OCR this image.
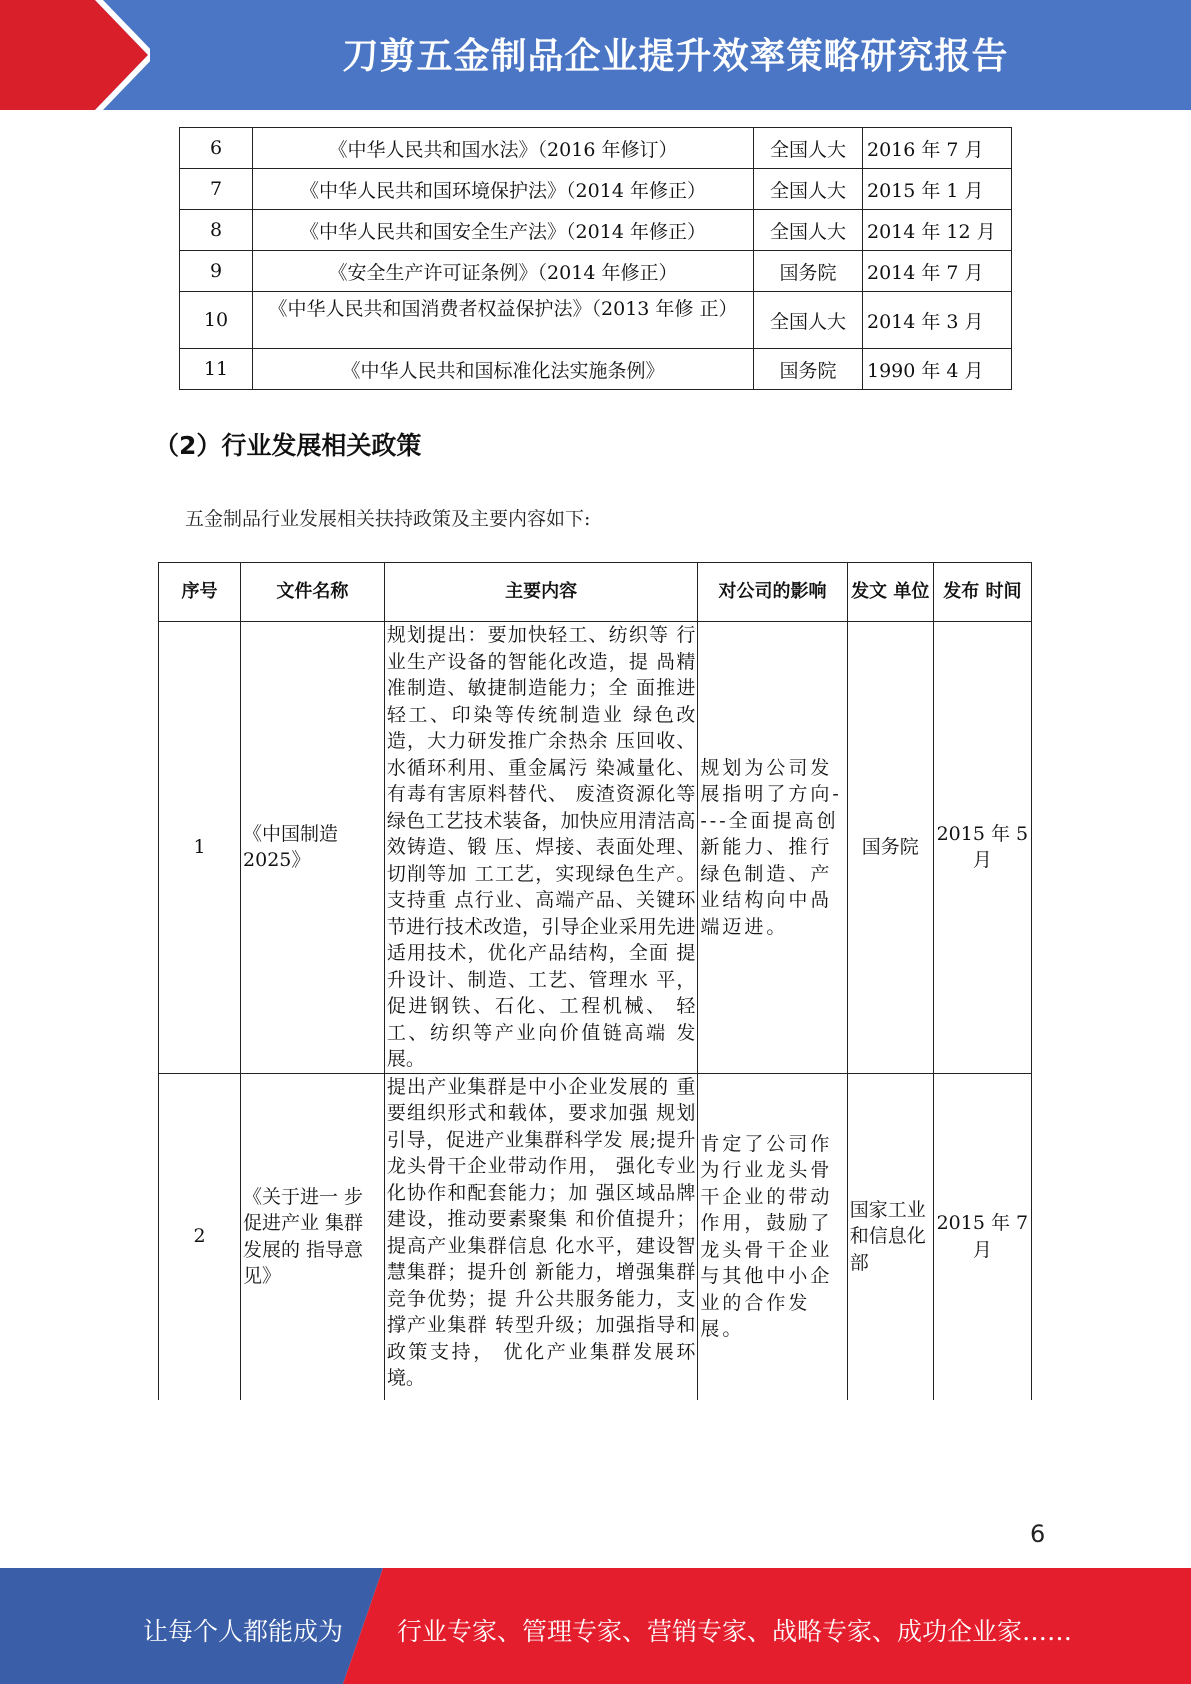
刀剪五金制品企业提升效率策略研究报告
6	《中华人民共和国水法》（2016 年修订）	全国人大	2016 年 7 月
7	《中华人民共和国环境保护法》（2014 年修正）	全国人大	2015 年 1 月
8	《中华人民共和国安全生产法》（2014 年修正）	全国人大	2014 年 12 月
9	《安全生产许可证条例》（2014 年修正）	国务院	2014 年 7 月
10	《中华人民共和国消费者权益保护法》（2013 年修 正）	全国人大	2014 年 3 月
11	《中华人民共和国标准化法实施条例》	国务院	1990 年 4 月
（2）行业发展相关政策
五金制品行业发展相关扶持政策及主要内容如下:
序号	文件名称	主要内容	对公司的影响	发文 单位	发布 时间
1	《中国制造2025》	规划提出：要加快轻工、纺织等 行业生产设备的智能化改造，提 咼精准制造、敏捷制造能力；全 面推进轻工、印染等传统制造业 绿色改造，大力研发推广余热余 压回收、水循环利用、重金属污 染减量化、有毒有害原料替代、 废渣资源化等绿色工艺技术装备，加快应用清洁高效铸造、锻 压、焊接、表面处理、切削等加 工工艺，实现绿色生产。支持重 点行业、高端产品、关键环节进行技术改造，引导企业采用先进 适用技术，优化产品结构，全面 提升设计、制造、工艺、管理水 平，促进钢铁、石化、工程机械、 轻工、纺织等产业向价值链高端 发展。	规划为公司发展指明了方向----全面提高创新能力、推行绿色制造、产业结构向中咼端迈进。	国务院	2015 年 5月
2	《关于进一 步促进产业 集群发展的 指导意见》	提出产业集群是中小企业发展的 重要组织形式和载体，要求加强 规划引导，促进产业集群科学发 展;提升龙头骨干企业带动作用， 强化专业化协作和配套能力；加 强区域品牌建设，推动要素聚集 和价值提升；提高产业集群信息 化水平，建设智慧集群；提升创 新能力，增强集群竞争优势；提 升公共服务能力，支撑产业集群 转型升级；加强指导和政策支持， 优化产业集群发展环境。	肯定了公司作为行业龙头骨干企业的带动作用，鼓励了龙头骨干企业与其他中小企业的合作发 展。	国家工业和信息化部	2015 年 7月
6
让每个人都能成为 行业专家、管理专家、营销专家、战略专家、成功企业家……
